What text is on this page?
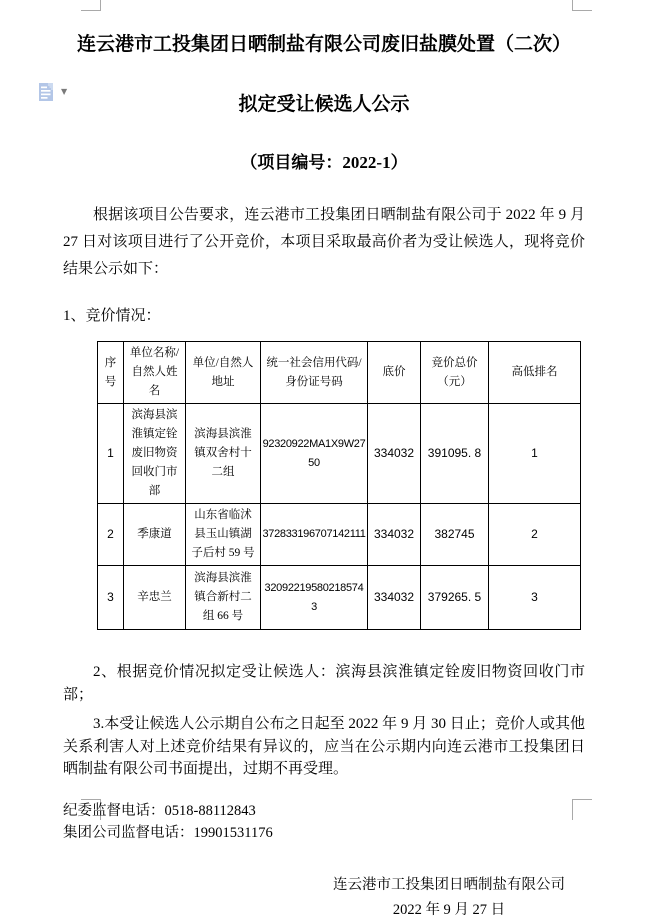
▼
连云港市工投集团日晒制盐有限公司废旧盐膜处置（二次）
拟定受让候选人公示
（项目编号：2022-1）

根据该项目公告要求，连云港市工投集团日晒制盐有限公司于 2022 年 9 月 27 日对该项目进行了公开竞价，本项目采取最高价者为受让候选人，现将竞价结果公示如下：

1、竞价情况：

序号	单位名称/自然人姓名	单位/自然人地址	统一社会信用代码/身份证号码	底价	竞价总价（元）	高低排名
1	滨海县滨淮镇定铨废旧物资回收门市部	滨海县滨淮镇双舍村十二组	92320922MA1X9W2750	334032	391095. 8	1
2	季康道	山东省临沭县玉山镇湖子后村 59 号	372833196707142111	334032	382745	2
3	辛忠兰	滨海县滨淮镇合新村二组 66 号	320922195802185743	334032	379265. 5	3

2、根据竞价情况拟定受让候选人：滨海县滨淮镇定铨废旧物资回收门市部；

3.本受让候选人公示期自公布之日起至 2022 年 9 月 30 日止；竞价人或其他关系利害人对上述竞价结果有异议的，应当在公示期内向连云港市工投集团日晒制盐有限公司书面提出，过期不再受理。

纪委监督电话：0518-88112843

集团公司监督电话：19901531176

连云港市工投集团日晒制盐有限公司
2022 年 9 月 27 日
